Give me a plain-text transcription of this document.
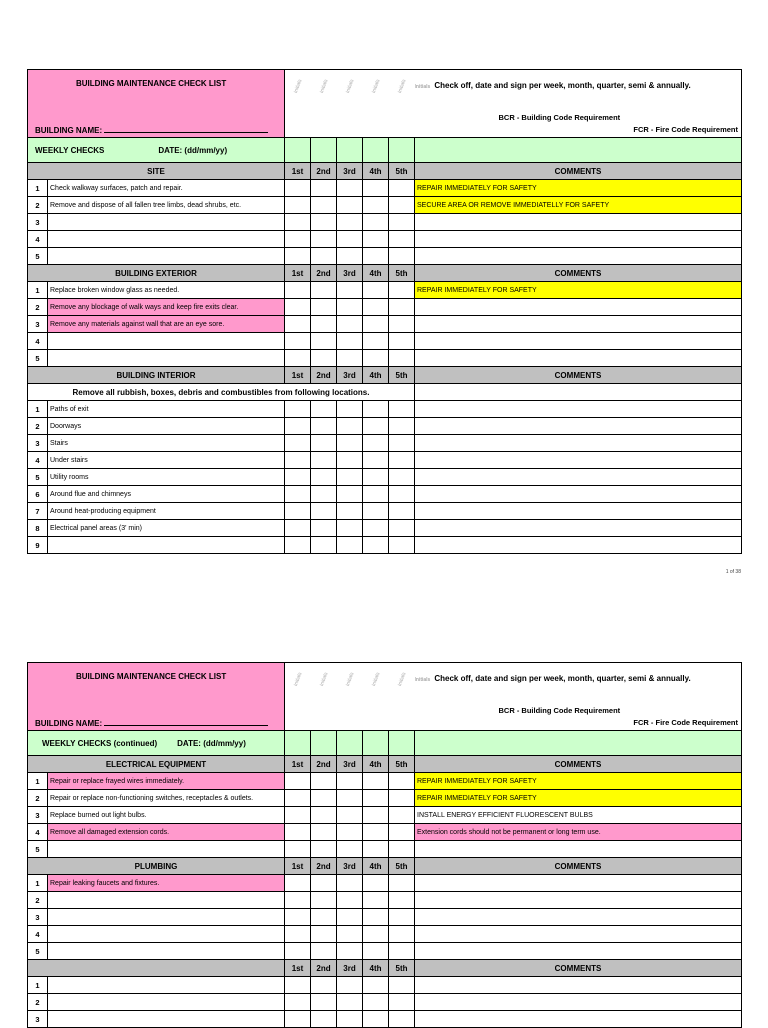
BUILDING MAINTENANCE CHECK LIST
BUILDING NAME:		Initials	Initials	Initials	Initials	Initials	Initials Check off, date and sign per week, month, quarter, semi & annually.
BCR - Building Code Requirement
FCR - Fire Code Requirement

WEEKLY CHECKS DATE: (dd/mm/yy)							
SITE		1st	2nd	3rd	4th	5th	COMMENTS
1	Check walkway surfaces, patch and repair.						REPAIR IMMEDIATELY FOR SAFETY
2	Remove and dispose of all fallen tree limbs, dead shrubs, etc.						SECURE AREA OR REMOVE IMMEDIATELLY FOR SAFETY
3							
4							
5							
BUILDING EXTERIOR		1st	2nd	3rd	4th	5th	COMMENTS
1	Replace broken window glass as needed.						REPAIR IMMEDIATELY FOR SAFETY
2	Remove any blockage of walk ways and keep fire exits clear.						
3	Remove any materials against wall that are an eye sore.						
4							
5							
BUILDING INTERIOR		1st	2nd	3rd	4th	5th	COMMENTS
Remove all rubbish, boxes, debris and combustibles from following locations.							
1	Paths of exit						
2	Doorways						
3	Stairs						
4	Under stairs						
5	Utility rooms						
6	Around flue and chimneys						
7	Around heat-producing equipment						
8	Electrical panel areas (3' min)						
9							
1 of 38
BUILDING MAINTENANCE CHECK LIST
BUILDING NAME:		Initials	Initials	Initials	Initials	Initials	Initials Check off, date and sign per week, month, quarter, semi & annually.
BCR - Building Code Requirement
FCR - Fire Code Requirement

WEEKLY CHECKS (continued) DATE: (dd/mm/yy)							
ELECTRICAL EQUIPMENT		1st	2nd	3rd	4th	5th	COMMENTS
1	Repair or replace frayed wires immediately.						REPAIR IMMEDIATELY FOR SAFETY
2	Repair or replace non-functioning switches, receptacles & outlets.						REPAIR IMMEDIATELY FOR SAFETY
3	Replace burned out light bulbs.						INSTALL ENERGY EFFICIENT FLUORESCENT BULBS
4	Remove all damaged extension cords.						Extension cords should not be permanent or long term use.
5							
PLUMBING		1st	2nd	3rd	4th	5th	COMMENTS
1	Repair leaking faucets and fixtures.						
2							
3							
4							
5							
		1st	2nd	3rd	4th	5th	COMMENTS
1							
2							
3							
